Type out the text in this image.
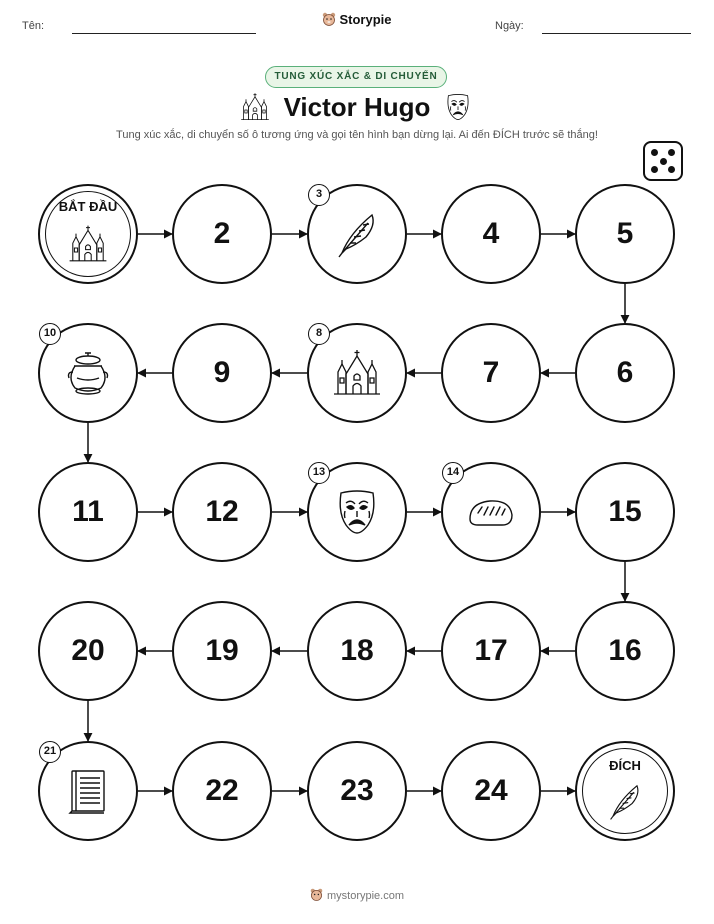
Tên:	Storypie	Ngày:
TUNG XÚC XẮC & DI CHUYỂN
Victor Hugo
Tung xúc xắc, di chuyển số ô tương ứng và gọi tên hình bạn dừng lại. Ai đến ĐÍCH trước sẽ thắng!
BẮT ĐẦU
2
3
4	5
6
7
8
9
10
11	12
13	14
15
16
17
18
19
20
21
22	23	24
ĐÍCH
mystorypie.com
